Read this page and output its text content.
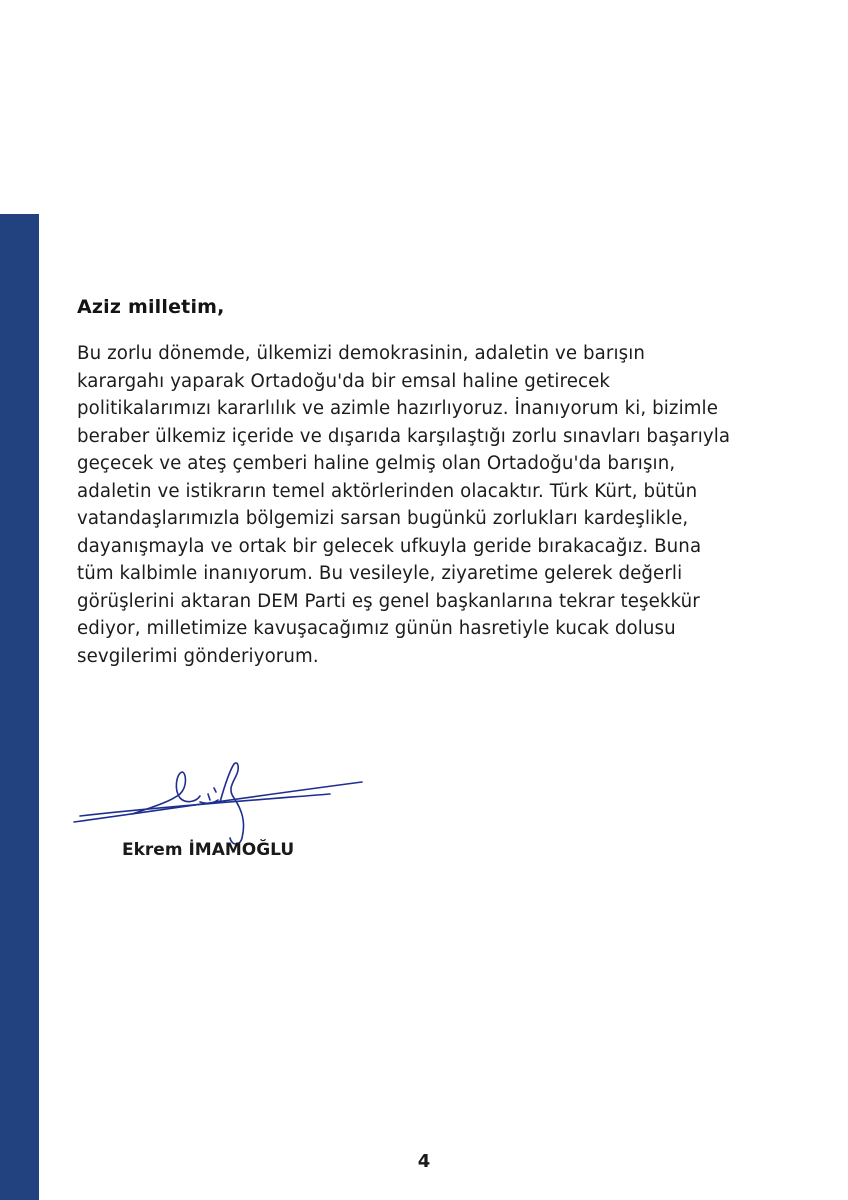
Aziz milletim,

Bu zorlu dönemde, ülkemizi demokrasinin, adaletin ve barışın
karargahı yaparak Ortadoğu'da bir emsal haline getirecek
politikalarımızı kararlılık ve azimle hazırlıyoruz. İnanıyorum ki, bizimle
beraber ülkemiz içeride ve dışarıda karşılaştığı zorlu sınavları başarıyla
geçecek ve ateş çemberi haline gelmiş olan Ortadoğu'da barışın,
adaletin ve istikrarın temel aktörlerinden olacaktır. Türk Kürt, bütün
vatandaşlarımızla bölgemizi sarsan bugünkü zorlukları kardeşlikle,
dayanışmayla ve ortak bir gelecek ufkuyla geride bırakacağız. Buna
tüm kalbimle inanıyorum. Bu vesileyle, ziyaretime gelerek değerli
görüşlerini aktaran DEM Parti eş genel başkanlarına tekrar teşekkür
ediyor, milletimize kavuşacağımız günün hasretiyle kucak dolusu
sevgilerimi gönderiyorum.

Ekrem İMAMOĞLU

4
